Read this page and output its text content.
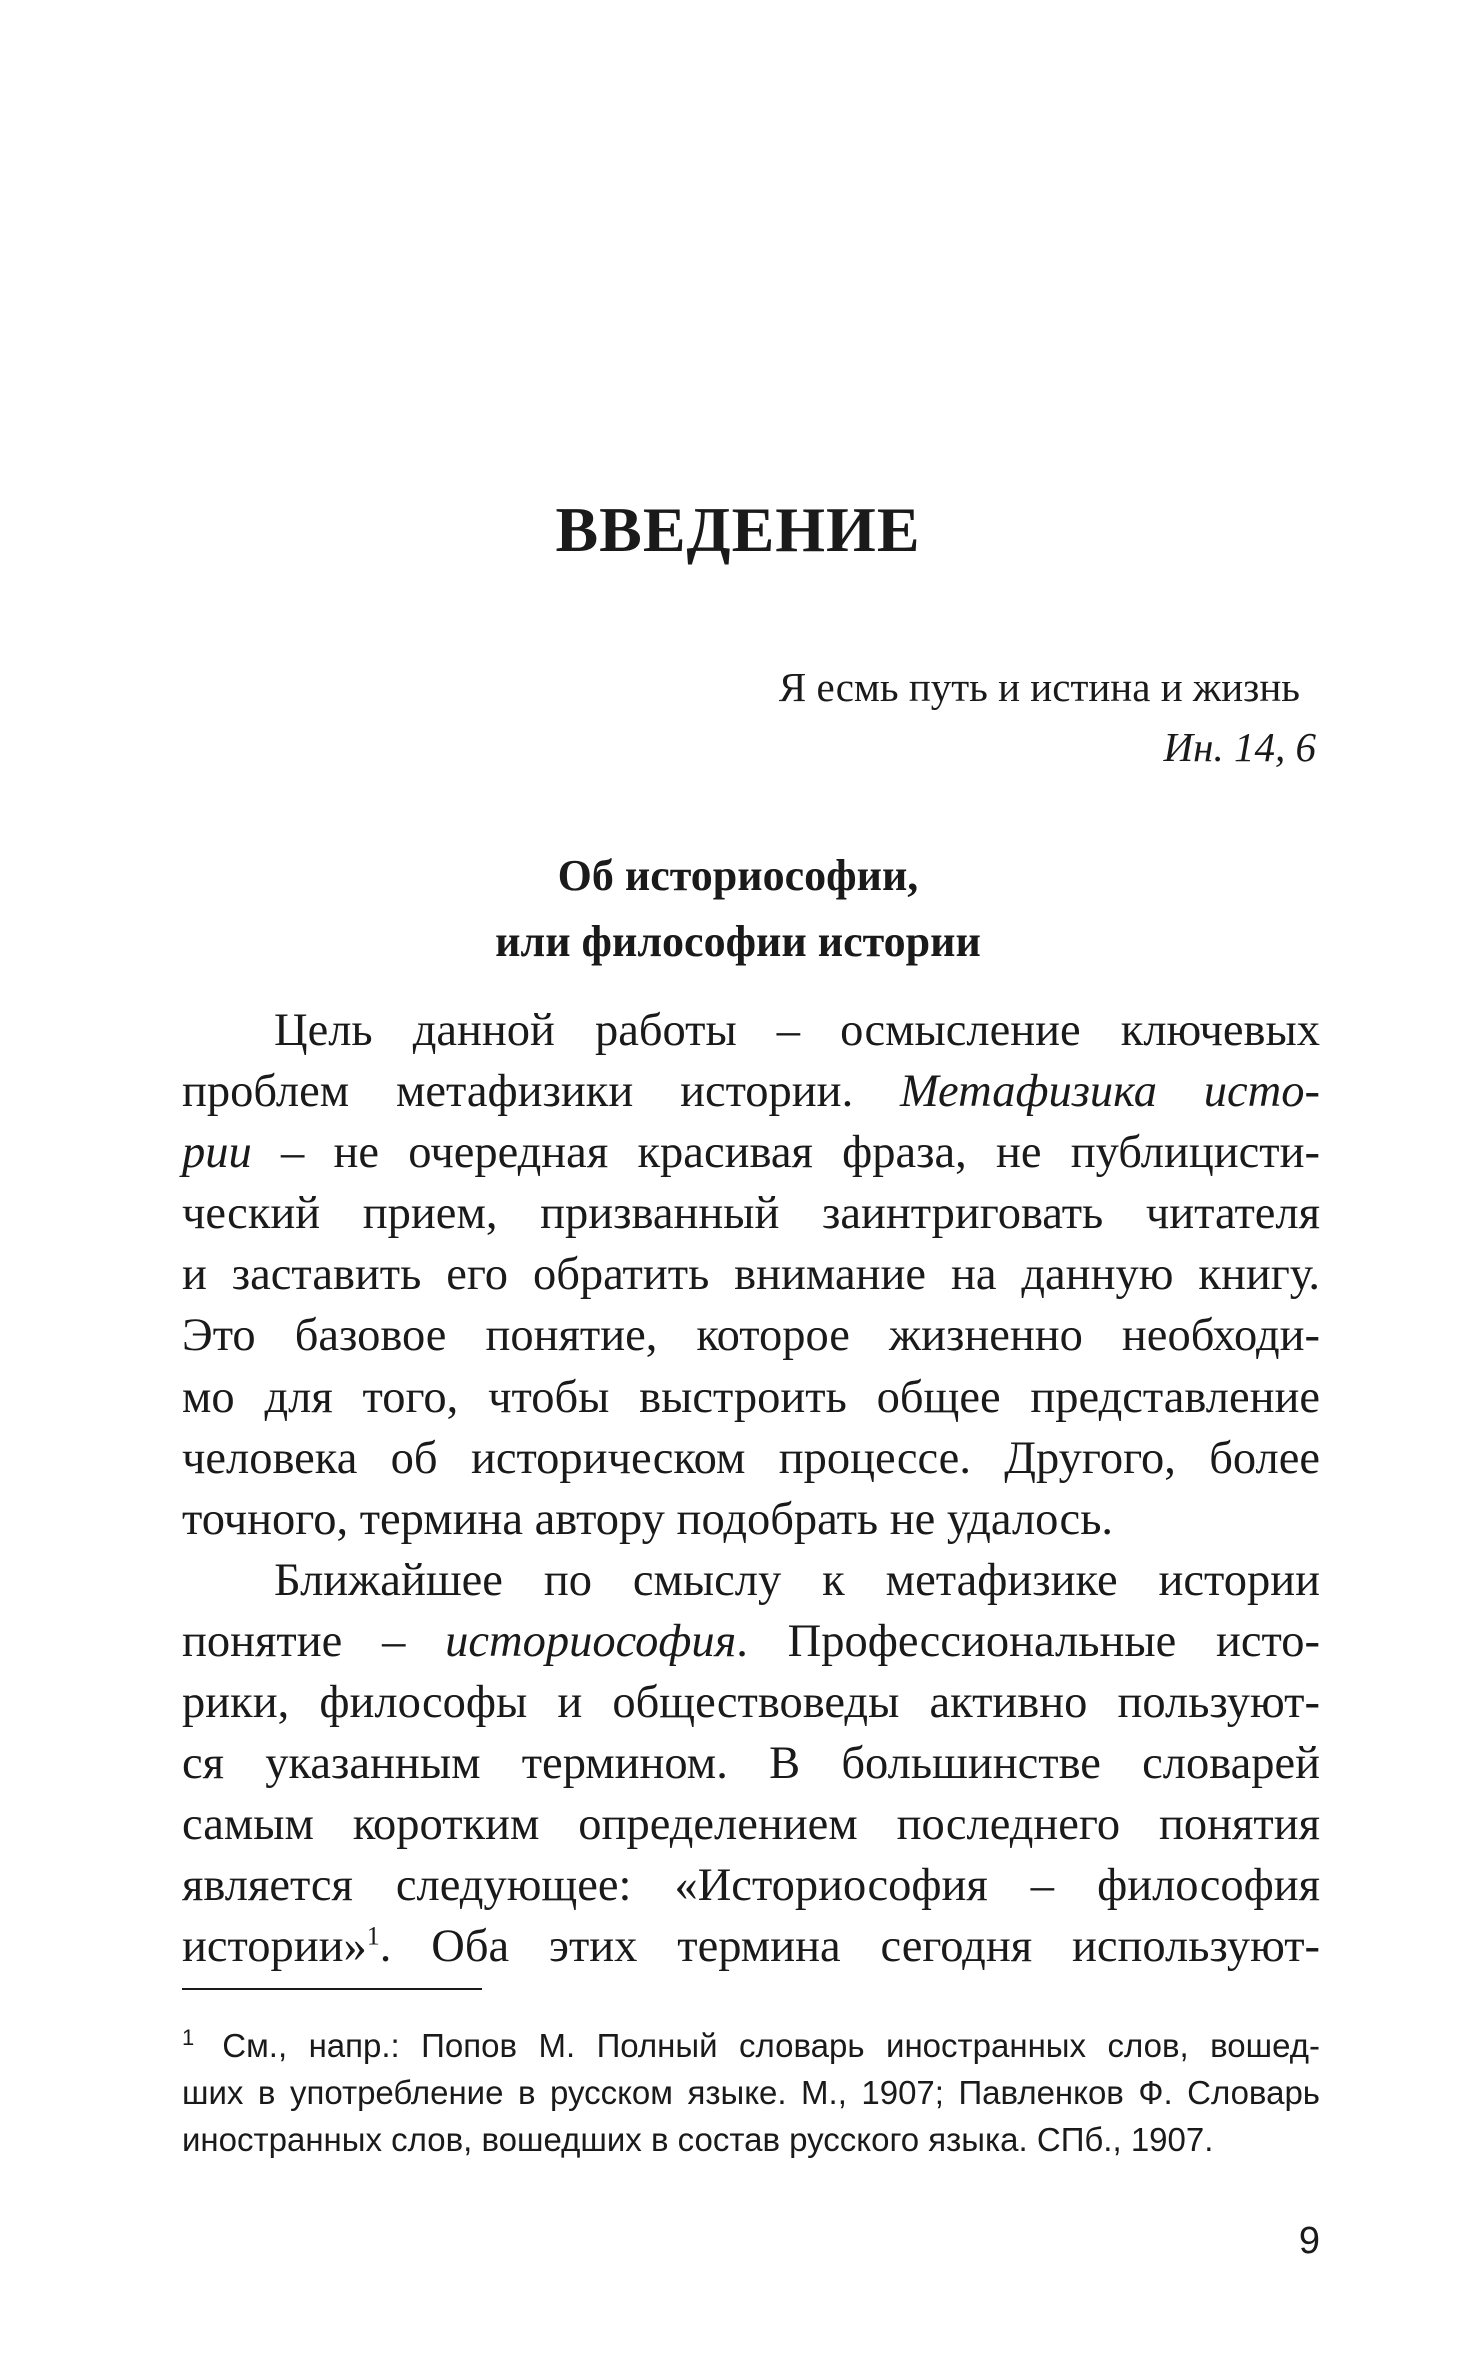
ВВЕДЕНИЕ
Я есмь путь и истина и жизнь
Ин. 14, 6
Об историософии,
или философии истории
Цель данной работы – осмысление ключевых
проблем метафизики истории. Метафизика исто-
рии – не очередная красивая фраза, не публицисти-
ческий прием, призванный заинтриговать читателя
и заставить его обратить внимание на данную книгу.
Это базовое понятие, которое жизненно необходи-
мо для того, чтобы выстроить общее представление
человека об историческом процессе. Другого, более
точного, термина автору подобрать не удалось.
Ближайшее по смыслу к метафизике истории
понятие – историософия. Профессиональные исто-
рики, философы и обществоведы активно пользуют-
ся указанным термином. В большинстве словарей
самым коротким определением последнего понятия
является следующее: «Историософия – философия
истории»$^1$. Оба этих термина сегодня используют-
$^1$ См., напр.: Попов М. Полный словарь иностранных слов, вошед-
ших в употребление в русском языке. М., 1907; Павленков Ф. Словарь
иностранных слов, вошедших в состав русского языка. СПб., 1907.
9
